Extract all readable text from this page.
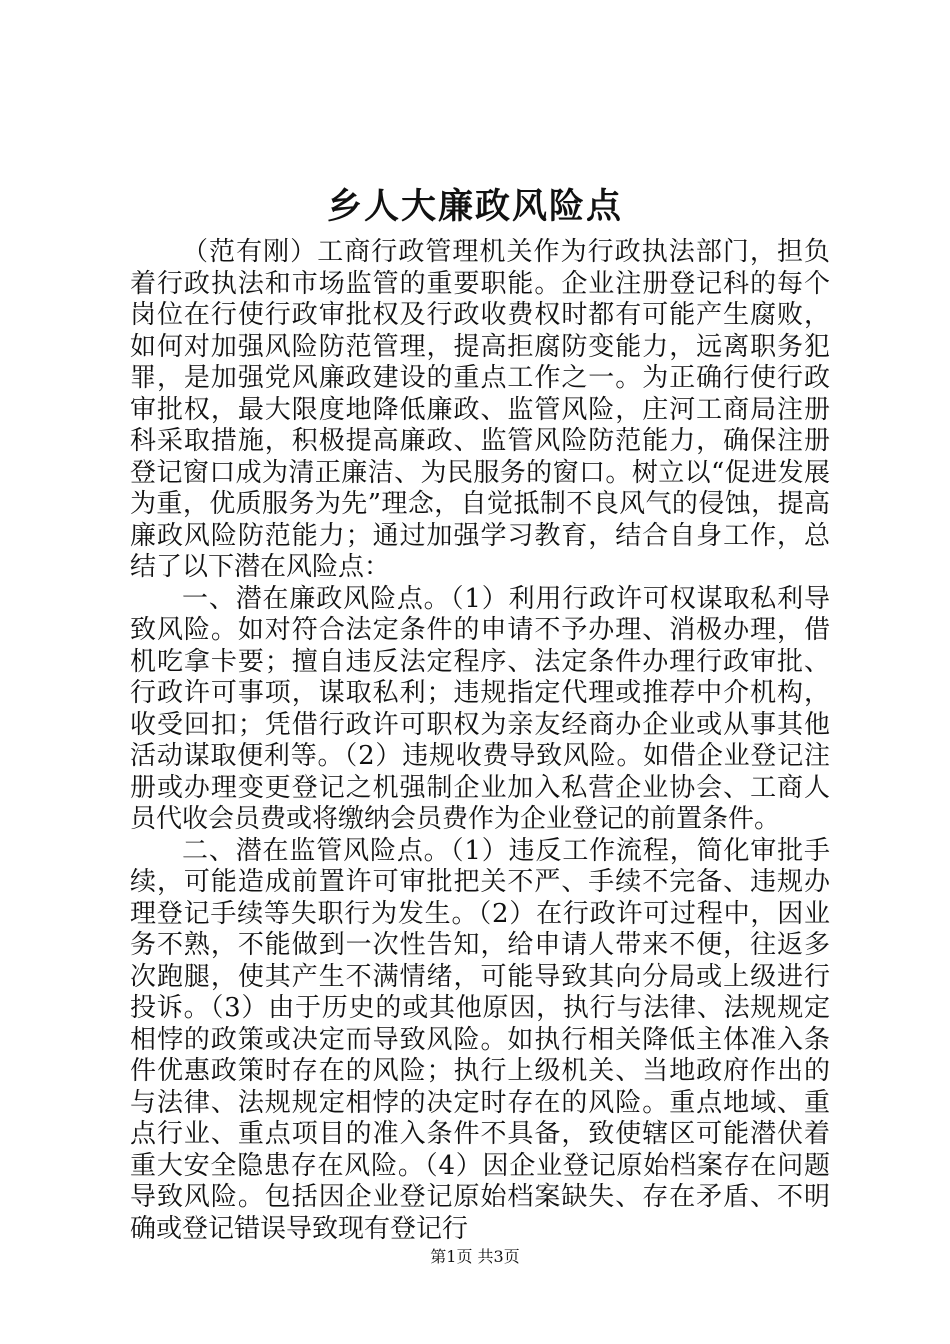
乡人大廉政风险点

（范有刚）工商行政管理机关作为行政执法部门，担负着行政执法和市场监管的重要职能。企业注册登记科的每个岗位在行使行政审批权及行政收费权时都有可能产生腐败，如何对加强风险防范管理，提高拒腐防变能力，远离职务犯罪，是加强党风廉政建设的重点工作之一。为正确行使行政审批权，最大限度地降低廉政、监管风险，庄河工商局注册科采取措施，积极提高廉政、监管风险防范能力，确保注册登记窗口成为清正廉洁、为民服务的窗口。树立以“促进发展为重，优质服务为先”理念，自觉抵制不良风气的侵蚀，提高廉政风险防范能力；通过加强学习教育，结合自身工作，总结了以下潜在风险点：

一、潜在廉政风险点。（1）利用行政许可权谋取私利导致风险。如对符合法定条件的申请不予办理、消极办理，借机吃拿卡要；擅自违反法定程序、法定条件办理行政审批、行政许可事项，谋取私利；违规指定代理或推荐中介机构，收受回扣；凭借行政许可职权为亲友经商办企业或从事其他活动谋取便利等。（2）违规收费导致风险。如借企业登记注册或办理变更登记之机强制企业加入私营企业协会、工商人员代收会员费或将缴纳会员费作为企业登记的前置条件。

二、潜在监管风险点。（1）违反工作流程，简化审批手续，可能造成前置许可审批把关不严、手续不完备、违规办理登记手续等失职行为发生。（2）在行政许可过程中，因业务不熟，不能做到一次性告知，给申请人带来不便，往返多次跑腿，使其产生不满情绪，可能导致其向分局或上级进行投诉。（3）由于历史的或其他原因，执行与法律、法规规定相悖的政策或决定而导致风险。如执行相关降低主体准入条件优惠政策时存在的风险；执行上级机关、当地政府作出的与法律、法规规定相悖的决定时存在的风险。重点地域、重点行业、重点项目的准入条件不具备，致使辖区可能潜伏着重大安全隐患存在风险。（4）因企业登记原始档案存在问题导致风险。包括因企业登记原始档案缺失、存在矛盾、不明确或登记错误导致现有登记行

第1页 共3页
